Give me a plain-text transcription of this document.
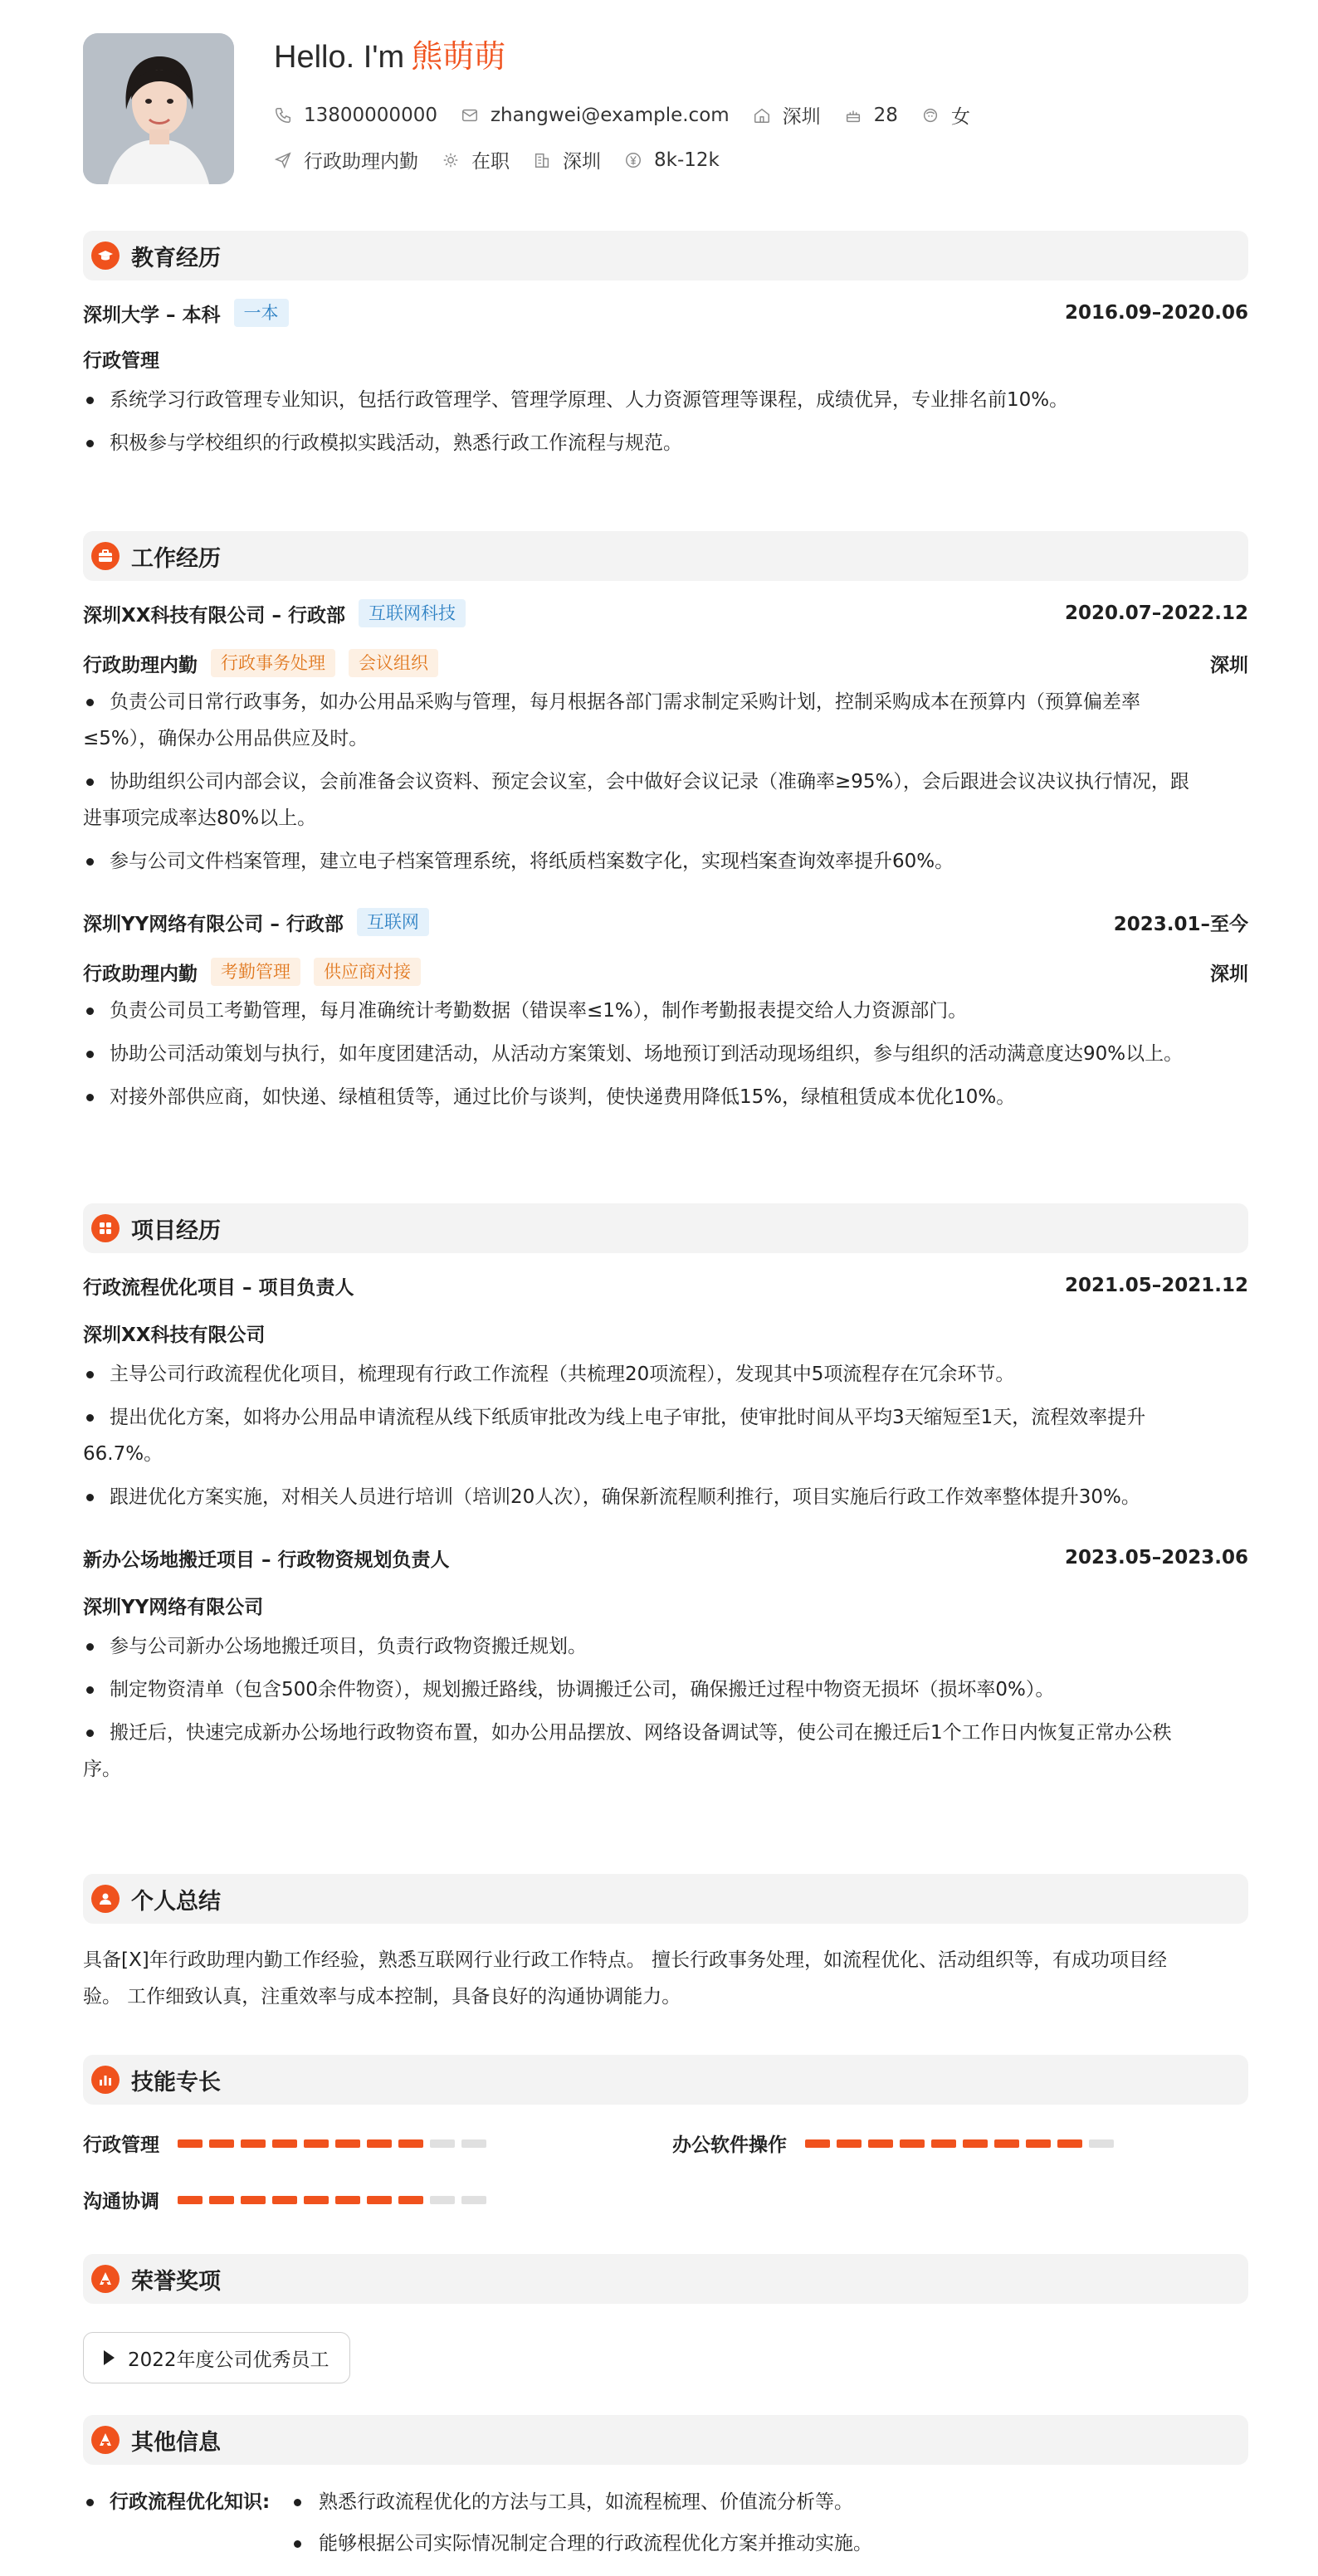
Hello. I'm 熊萌萌
13800000000	zhangwei@example.com	深圳	28	女
行政助理内勤	在职	深圳	8k-12k
教育经历
深圳大学 – 本科	一本	2016.09–2020.06
行政管理
系统学习行政管理专业知识，包括行政管理学、管理学原理、人力资源管理等课程，成绩优异，专业排名前10%。
积极参与学校组织的行政模拟实践活动，熟悉行政工作流程与规范。
工作经历
深圳XX科技有限公司 – 行政部	互联网科技	2020.07–2022.12
行政助理内勤	行政事务处理	会议组织	深圳
负责公司日常行政事务，如办公用品采购与管理，每月根据各部门需求制定采购计划，控制采购成本在预算内（预算偏差率
≤5%），确保办公用品供应及时。
协助组织公司内部会议，会前准备会议资料、预定会议室，会中做好会议记录（准确率≥95%），会后跟进会议决议执行情况，跟
进事项完成率达80%以上。
参与公司文件档案管理，建立电子档案管理系统，将纸质档案数字化，实现档案查询效率提升60%。
深圳YY网络有限公司 – 行政部	互联网	2023.01–至今
行政助理内勤	考勤管理	供应商对接	深圳
负责公司员工考勤管理，每月准确统计考勤数据（错误率≤1%），制作考勤报表提交给人力资源部门。
协助公司活动策划与执行，如年度团建活动，从活动方案策划、场地预订到活动现场组织，参与组织的活动满意度达90%以上。
对接外部供应商，如快递、绿植租赁等，通过比价与谈判，使快递费用降低15%，绿植租赁成本优化10%。
项目经历
行政流程优化项目 – 项目负责人	2021.05–2021.12
深圳XX科技有限公司
主导公司行政流程优化项目，梳理现有行政工作流程（共梳理20项流程），发现其中5项流程存在冗余环节。
提出优化方案，如将办公用品申请流程从线下纸质审批改为线上电子审批，使审批时间从平均3天缩短至1天，流程效率提升
66.7%。
跟进优化方案实施，对相关人员进行培训（培训20人次），确保新流程顺利推行，项目实施后行政工作效率整体提升30%。
新办公场地搬迁项目 – 行政物资规划负责人	2023.05–2023.06
深圳YY网络有限公司
参与公司新办公场地搬迁项目，负责行政物资搬迁规划。
制定物资清单（包含500余件物资），规划搬迁路线，协调搬迁公司，确保搬迁过程中物资无损坏（损坏率0%）。
搬迁后，快速完成新办公场地行政物资布置，如办公用品摆放、网络设备调试等，使公司在搬迁后1个工作日内恢复正常办公秩
序。
个人总结
具备[X]年行政助理内勤工作经验，熟悉互联网行业行政工作特点。 擅长行政事务处理，如流程优化、活动组织等，有成功项目经
验。 工作细致认真，注重效率与成本控制，具备良好的沟通协调能力。
技能专长
行政管理	办公软件操作
沟通协调
荣誉奖项
2022年度公司优秀员工
其他信息
行政流程优化知识:	熟悉行政流程优化的方法与工具，如流程梳理、价值流分析等。
能够根据公司实际情况制定合理的行政流程优化方案并推动实施。
